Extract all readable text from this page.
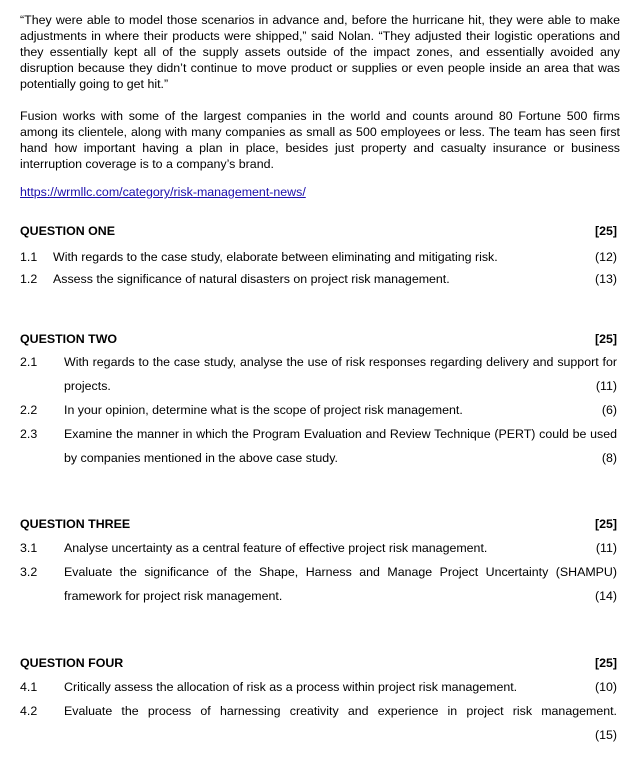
“They were able to model those scenarios in advance and, before the hurricane hit, they were able to make adjustments in where their products were shipped,” said Nolan. “They adjusted their logistic operations and they essentially kept all of the supply assets outside of the impact zones, and essentially avoided any disruption because they didn’t continue to move product or supplies or even people inside an area that was potentially going to get hit.”

Fusion works with some of the largest companies in the world and counts around 80 Fortune 500 firms among its clientele, along with many companies as small as 500 employees or less. The team has seen first hand how important having a plan in place, besides just property and casualty insurance or business interruption coverage is to a company’s brand.

https://wrmllc.com/category/risk-management-news/
QUESTION ONE	[25]
1.1 With regards to the case study, elaborate between eliminating and mitigating risk.	(12)
1.2 Assess the significance of natural disasters on project risk management.	(13)
QUESTION TWO	[25]
2.1 With regards to the case study, analyse the use of risk responses regarding delivery and support for projects.	(11)
2.2 In your opinion, determine what is the scope of project risk management.	(6)
2.3 Examine the manner in which the Program Evaluation and Review Technique (PERT) could be used by companies mentioned in the above case study.	(8)
QUESTION THREE	[25]
3.1 Analyse uncertainty as a central feature of effective project risk management.	(11)
3.2 Evaluate the significance of the Shape, Harness and Manage Project Uncertainty (SHAMPU) framework for project risk management.	(14)
QUESTION FOUR	[25]
4.1 Critically assess the allocation of risk as a process within project risk management.	(10)
4.2 Evaluate the process of harnessing creativity and experience in project risk management.
(15)
